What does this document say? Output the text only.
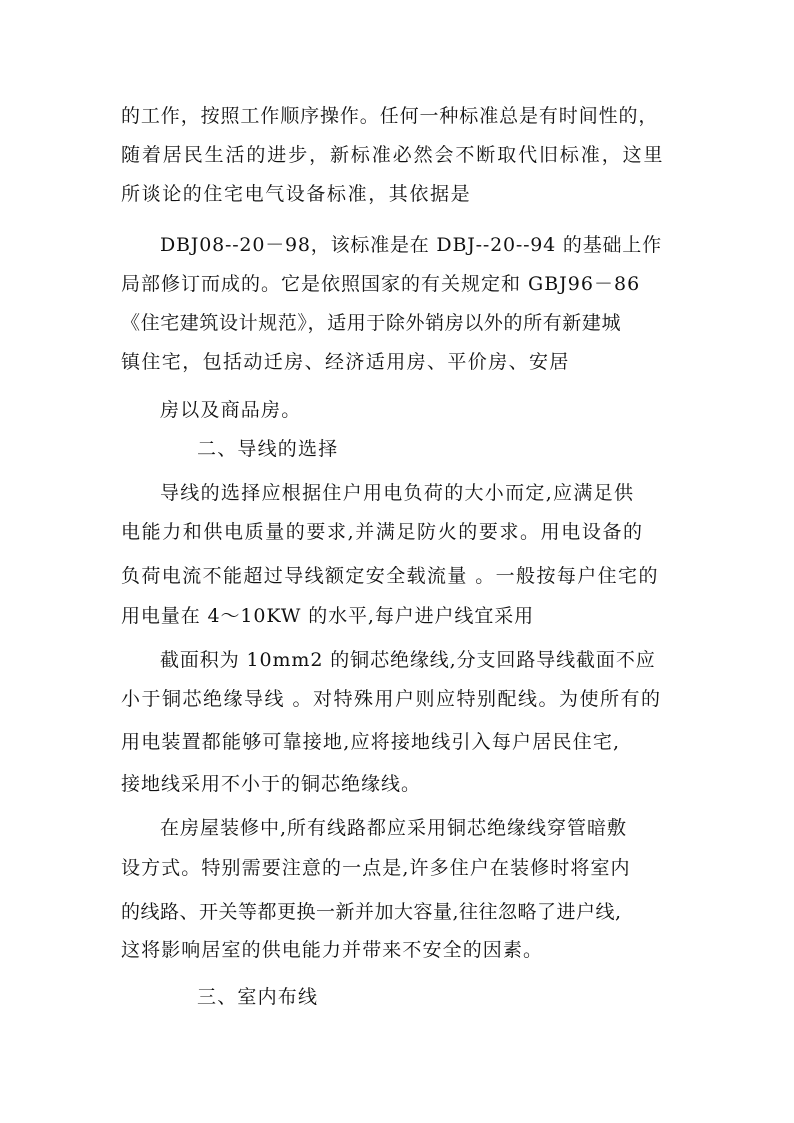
的工作，按照工作顺序操作。任何一种标准总是有时间性的，
随着居民生活的进步，新标准必然会不断取代旧标准，这里
所谈论的住宅电气设备标准，其依据是
DBJ08--20－98，该标准是在 DBJ--20--94 的基础上作
局部修订而成的。它是依照国家的有关规定和 GBJ96－86
《住宅建筑设计规范》，适用于除外销房以外的所有新建城
镇住宅，包括动迁房、经济适用房、平价房、安居
房以及商品房。
二、导线的选择
导线的选择应根据住户用电负荷的大小而定,应满足供
电能力和供电质量的要求,并满足防火的要求。用电设备的
负荷电流不能超过导线额定安全载流量 。一般按每户住宅的
用电量在 4～10KW 的水平,每户进户线宜采用
截面积为 10mm2 的铜芯绝缘线,分支回路导线截面不应
小于铜芯绝缘导线 。对特殊用户则应特别配线。为使所有的
用电装置都能够可靠接地,应将接地线引入每户居民住宅,
接地线采用不小于的铜芯绝缘线。
在房屋装修中,所有线路都应采用铜芯绝缘线穿管暗敷
设方式。特别需要注意的一点是,许多住户在装修时将室内
的线路、开关等都更换一新并加大容量,往往忽略了进户线,
这将影响居室的供电能力并带来不安全的因素。
三、室内布线
